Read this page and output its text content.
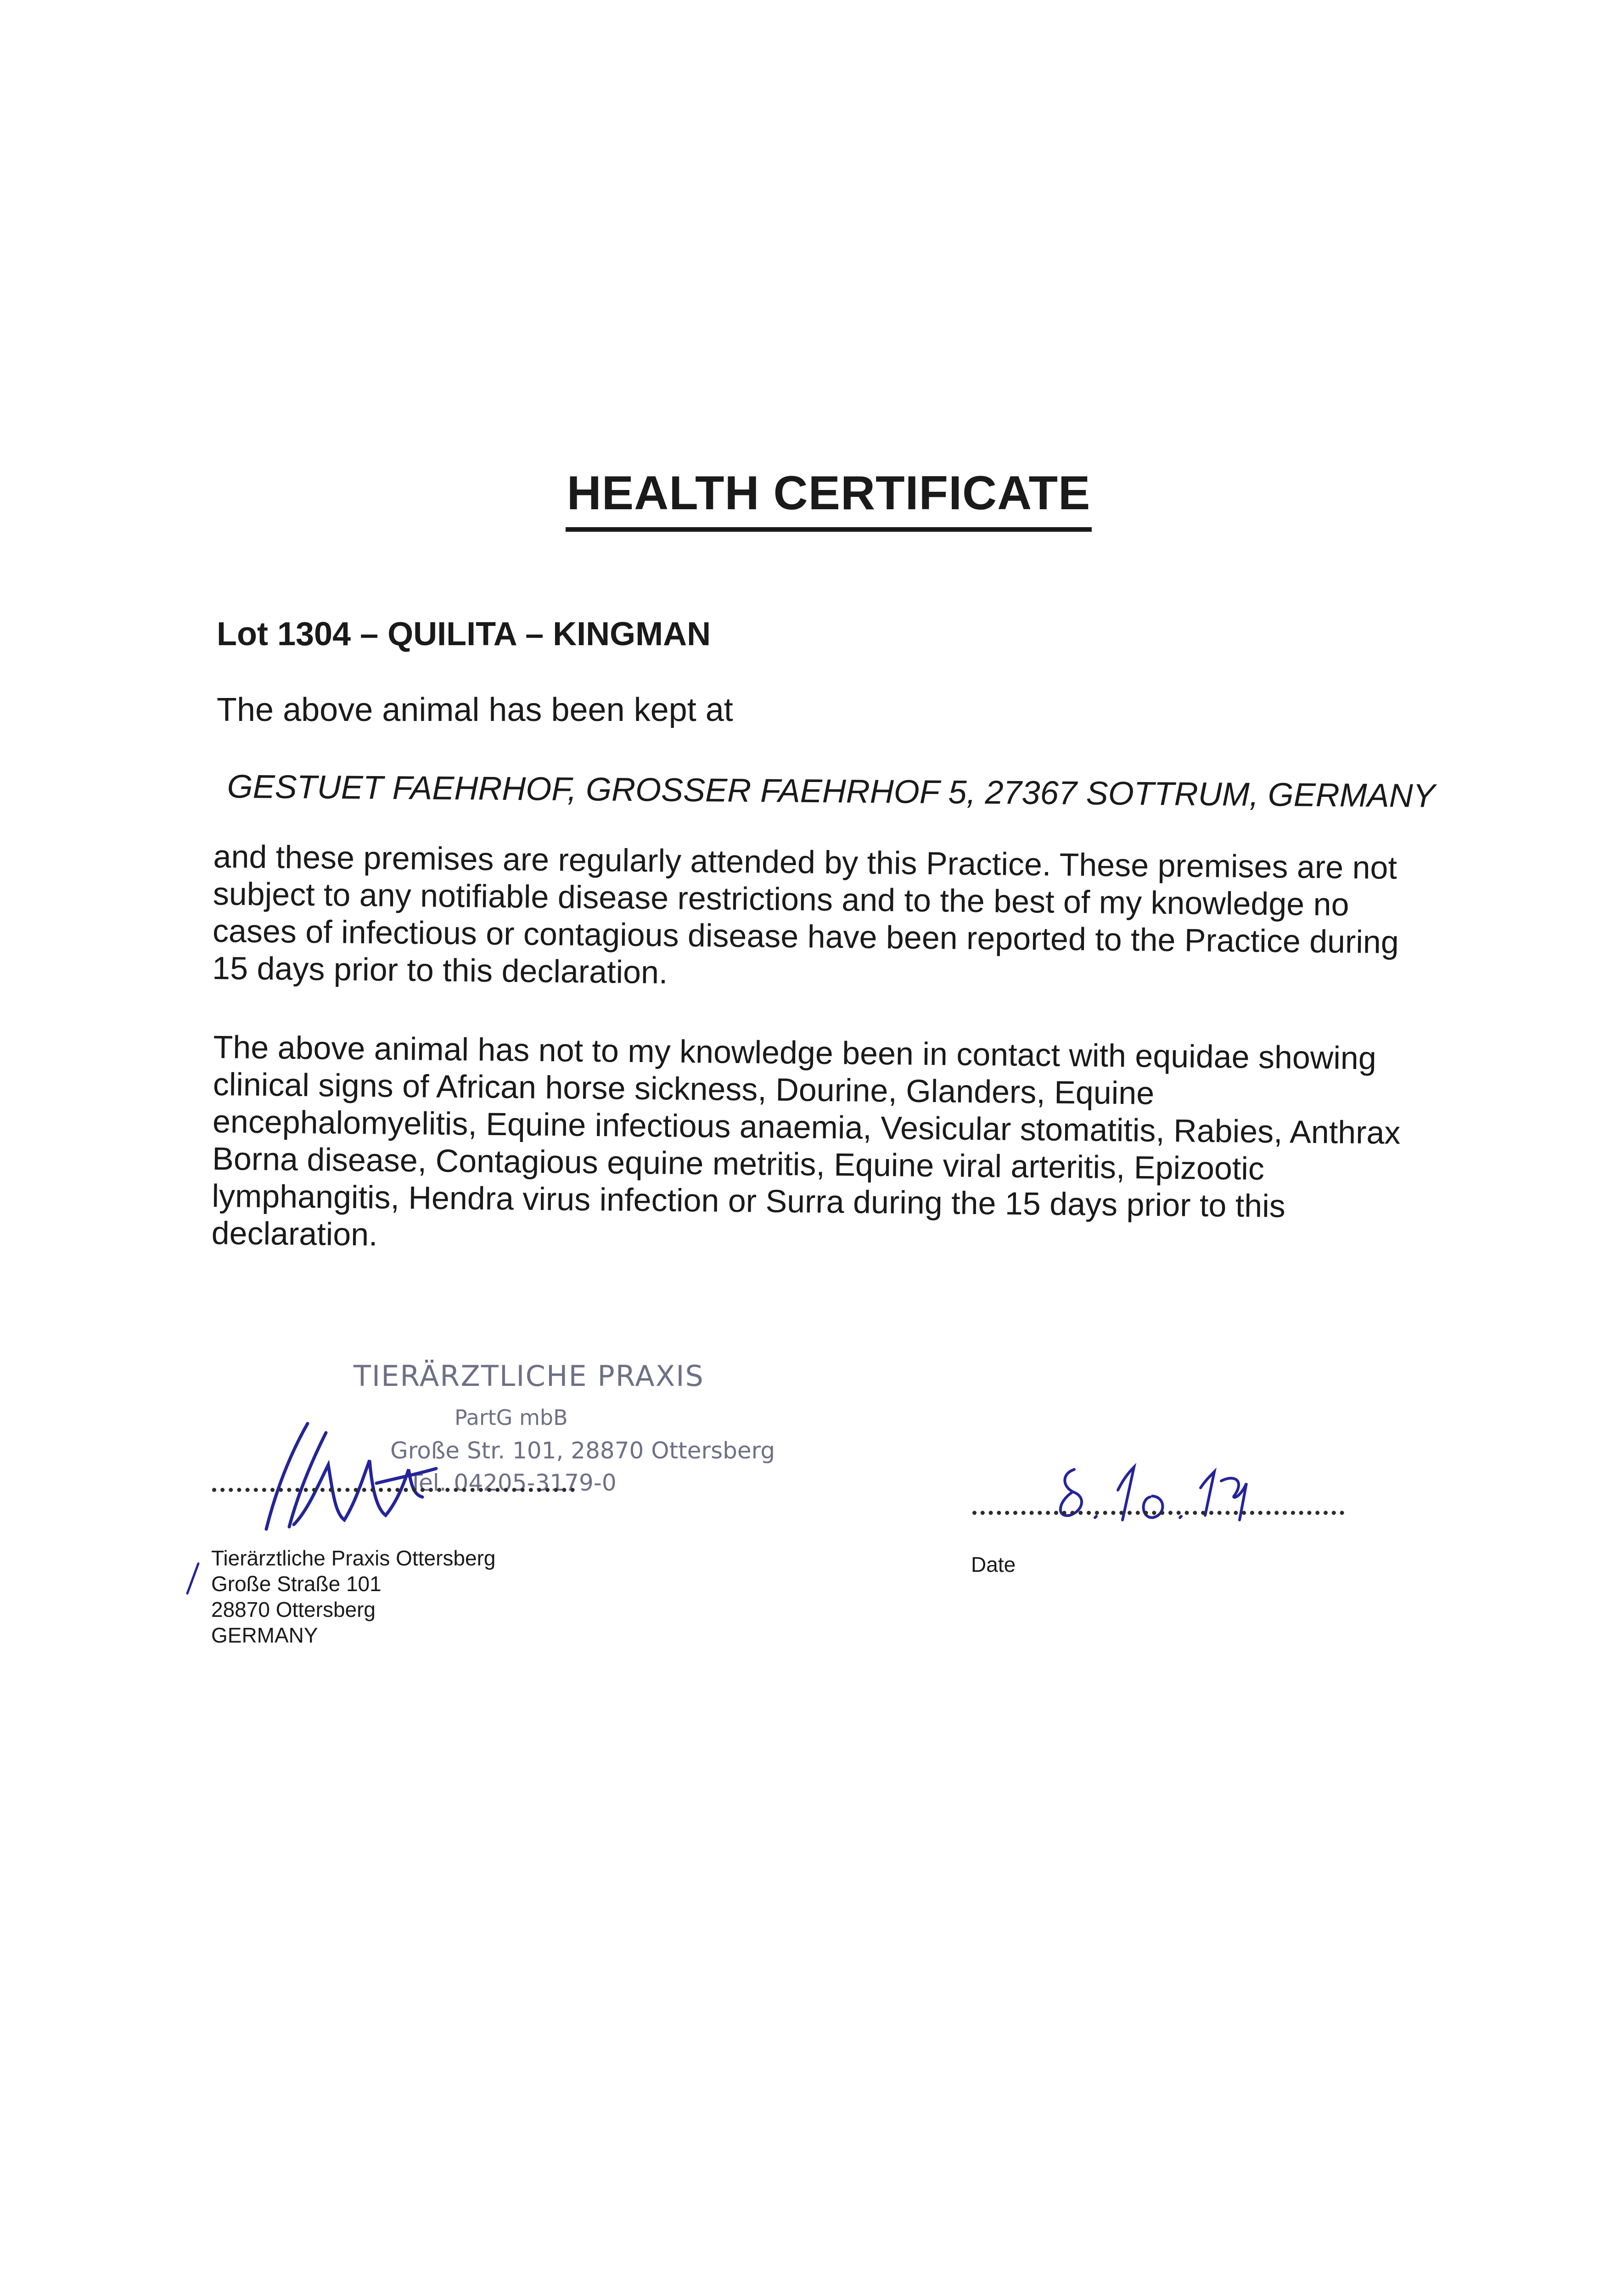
HEALTH CERTIFICATE
Lot 1304 – QUILITA – KINGMAN
The above animal has been kept at
GESTUET FAEHRHOF, GROSSER FAEHRHOF 5, 27367 SOTTRUM, GERMANY
and these premises are regularly attended by this Practice. These premises are not
subject to any notifiable disease restrictions and to the best of my knowledge no
cases of infectious or contagious disease have been reported to the Practice during
15 days prior to this declaration.
The above animal has not to my knowledge been in contact with equidae showing
clinical signs of African horse sickness, Dourine, Glanders, Equine
encephalomyelitis, Equine infectious anaemia, Vesicular stomatitis, Rabies, Anthrax
Borna disease, Contagious equine metritis, Equine viral arteritis, Epizootic
lymphangitis, Hendra virus infection or Surra during the 15 days prior to this
declaration.
TIERÄRZTLICHE PRAXIS
PartG mbB
Große Str. 101, 28870 Ottersberg
Tel. 04205-3179-0
Date
Tierärztliche Praxis Ottersberg
Große Straße 101
28870 Ottersberg
GERMANY
